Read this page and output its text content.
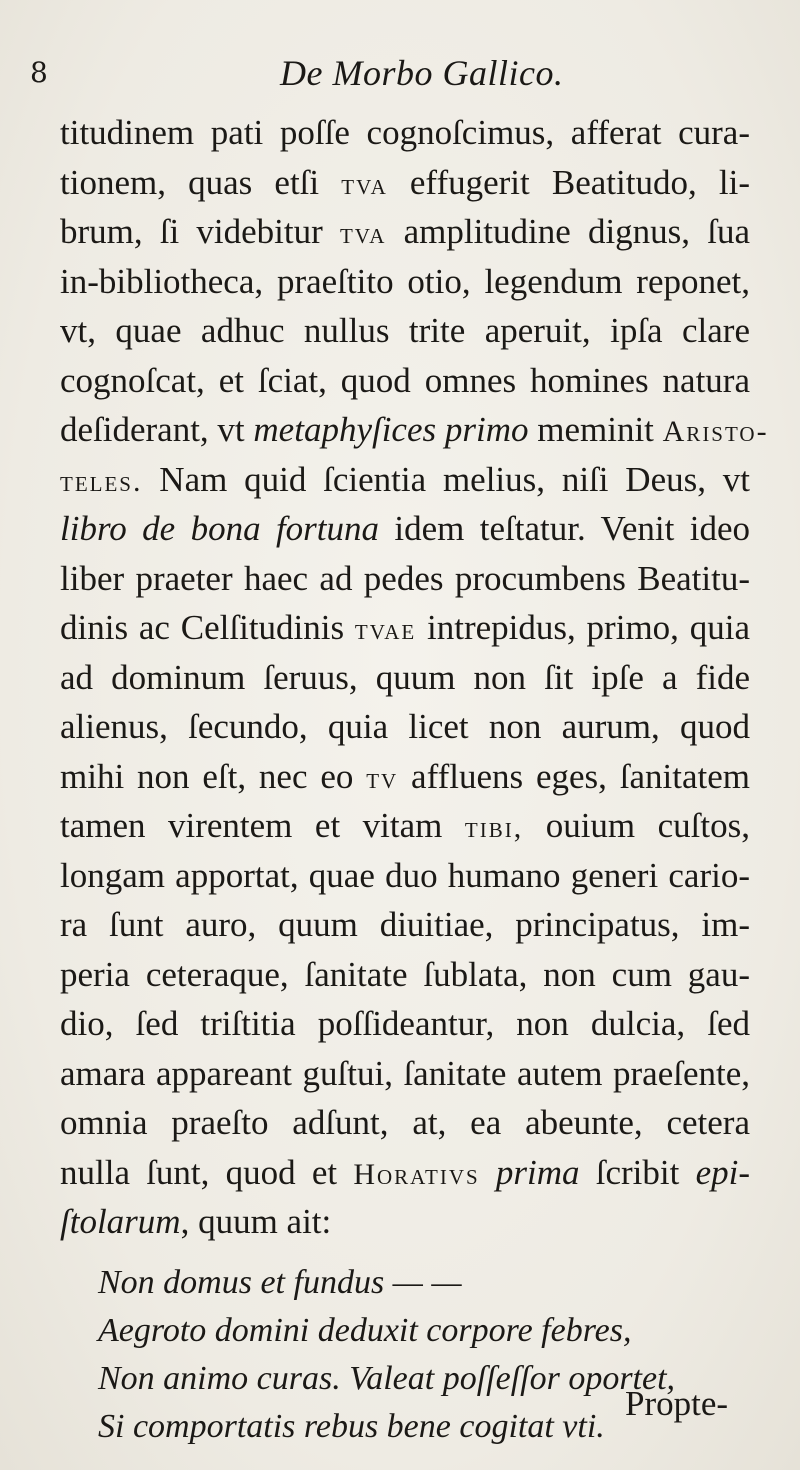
8	De Morbo Gallico.
titudinem pati poſſe cognoſcimus, afferat cura-
tionem, quas etſi tva effugerit Beatitudo, li-
brum, ſi videbitur tva amplitudine dignus, ſua
in-bibliotheca, praeſtito otio, legendum reponet,
vt, quae adhuc nullus trite aperuit, ipſa clare
cognoſcat, et ſciat, quod omnes homines natura
deſiderant, vt metaphyſices primo meminit Aristo-
teles. Nam quid ſcientia melius, niſi Deus, vt
libro de bona fortuna idem teſtatur. Venit ideo
liber praeter haec ad pedes procumbens Beatitu-
dinis ac Celſitudinis tvae intrepidus, primo, quia
ad dominum ſeruus, quum non ſit ipſe a fide
alienus, ſecundo, quia licet non aurum, quod
mihi non eſt, nec eo tv affluens eges, ſanitatem
tamen virentem et vitam tibi, ouium cuſtos,
longam apportat, quae duo humano generi cario-
ra ſunt auro, quum diuitiae, principatus, im-
peria ceteraque, ſanitate ſublata, non cum gau-
dio, ſed triſtitia poſſideantur, non dulcia, ſed
amara appareant guſtui, ſanitate autem praeſente,
omnia praeſto adſunt, at, ea abeunte, cetera
nulla ſunt, quod et Horativs prima ſcribit epi-
ſtolarum, quum ait:
Non domus et fundus — —
Aegroto domini deduxit corpore febres,
Non animo curas. Valeat poſſeſſor oportet,
Si comportatis rebus bene cogitat vti.
Propte-
